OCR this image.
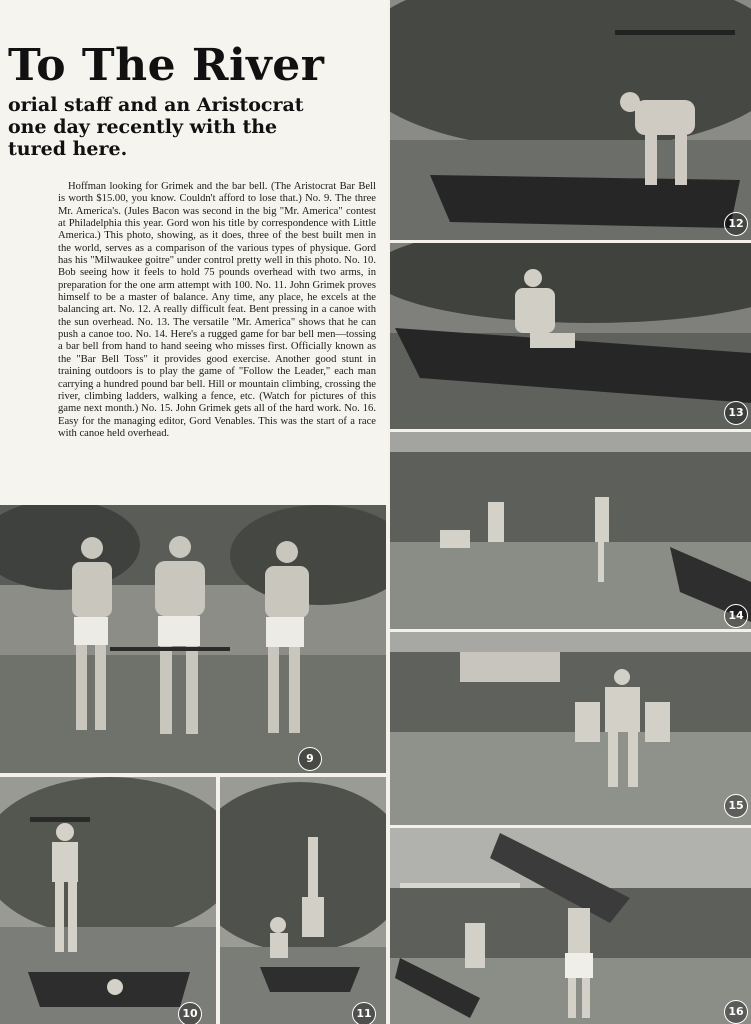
To The River
orial staff and an Aristocrat
one day recently with the
tured here.
Hoffman looking for Grimek and the bar bell. (The Aristocrat Bar Bell is worth $15.00, you know. Couldn't afford to lose that.) No. 9. The three Mr. America's. (Jules Bacon was second in the big "Mr. America" contest at Philadelphia this year. Gord won his title by correspondence with Little America.) This photo, showing, as it does, three of the best built men in the world, serves as a comparison of the various types of physique. Gord has his "Milwaukee goitre" under control pretty well in this photo. No. 10. Bob seeing how it feels to hold 75 pounds overhead with two arms, in preparation for the one arm attempt with 100. No. 11. John Grimek proves himself to be a master of balance. Any time, any place, he excels at the balancing art. No. 12. A really difficult feat. Bent pressing in a canoe with the sun overhead. No. 13. The versatile "Mr. America" shows that he can push a canoe too. No. 14. Here's a rugged game for bar bell men—tossing a bar bell from hand to hand seeing who misses first. Officially known as the "Bar Bell Toss" it provides good exercise. Another good stunt in training outdoors is to play the game of "Follow the Leader," each man carrying a hundred pound bar bell. Hill or mountain climbing, crossing the river, climbing ladders, walking a fence, etc. (Watch for pictures of this game next month.) No. 15. John Grimek gets all of the hard work. No. 16. Easy for the managing editor, Gord Venables. This was the start of a race with canoe held overhead.
9
10	11
12
13
14
15
16
